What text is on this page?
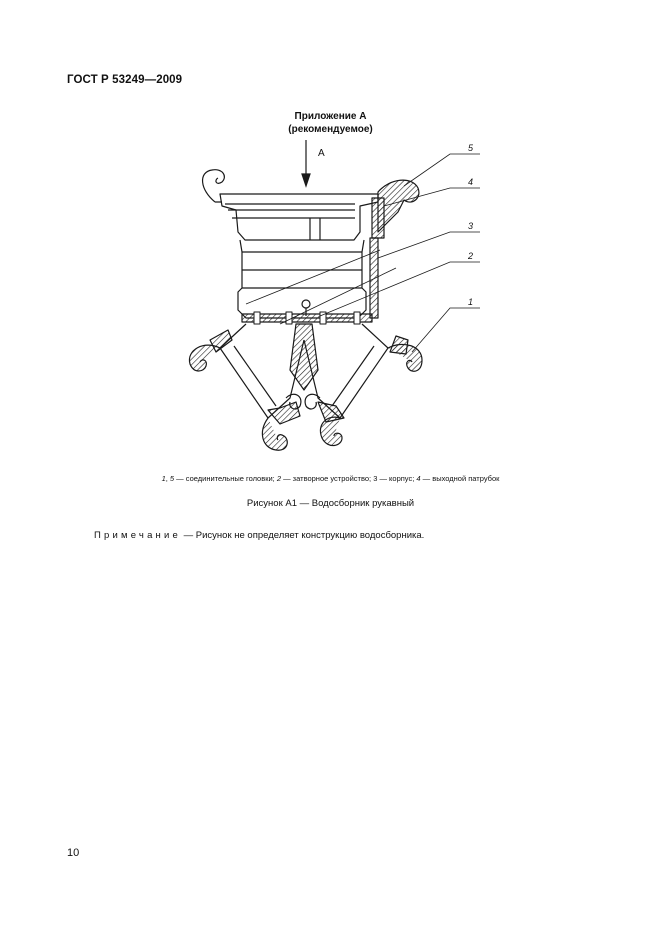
ГОСТ Р 53249—2009
Приложение А
(рекомендуемое)
А	5
4
3
2
1
1, 5 — соединительные головки; 2 — затворное устройство; 3 — корпус; 4 — выходной патрубок
Рисунок А1 — Водосборник рукавный
Примечание — Рисунок не определяет конструкцию водосборника.
10
